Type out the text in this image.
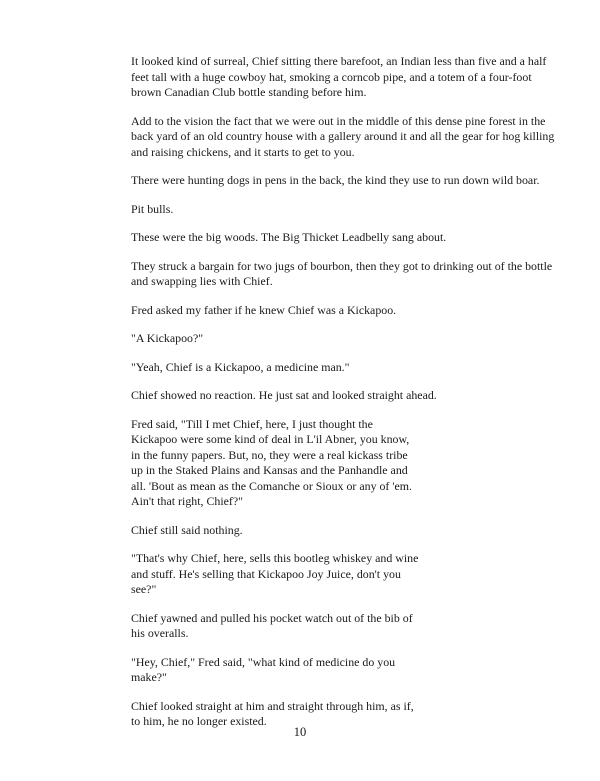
It looked kind of surreal, Chief sitting there barefoot, an Indian less than five and a half feet tall with a huge cowboy hat, smoking a corncob pipe, and a totem of a four-foot brown Canadian Club bottle standing before him.

Add to the vision the fact that we were out in the middle of this dense pine forest in the back yard of an old country house with a gallery around it and all the gear for hog killing and raising chickens, and it starts to get to you.

There were hunting dogs in pens in the back, the kind they use to run down wild boar.

Pit bulls.

These were the big woods. The Big Thicket Leadbelly sang about.

They struck a bargain for two jugs of bourbon, then they got to drinking out of the bottle and swapping lies with Chief.

Fred asked my father if he knew Chief was a Kickapoo.

"A Kickapoo?"

"Yeah, Chief is a Kickapoo, a medicine man."

Chief showed no reaction. He just sat and looked straight ahead.

Fred said, "Till I met Chief, here, I just thought the Kickapoo were some kind of deal in L'il Abner, you know, in the funny papers. But, no, they were a real kickass tribe up in the Staked Plains and Kansas and the Panhandle and all. 'Bout as mean as the Comanche or Sioux or any of 'em. Ain't that right, Chief?"

Chief still said nothing.

"That's why Chief, here, sells this bootleg whiskey and wine and stuff. He's selling that Kickapoo Joy Juice, don't you see?"

Chief yawned and pulled his pocket watch out of the bib of his overalls.

"Hey, Chief," Fred said, "what kind of medicine do you make?"

Chief looked straight at him and straight through him, as if, to him, he no longer existed.

10
